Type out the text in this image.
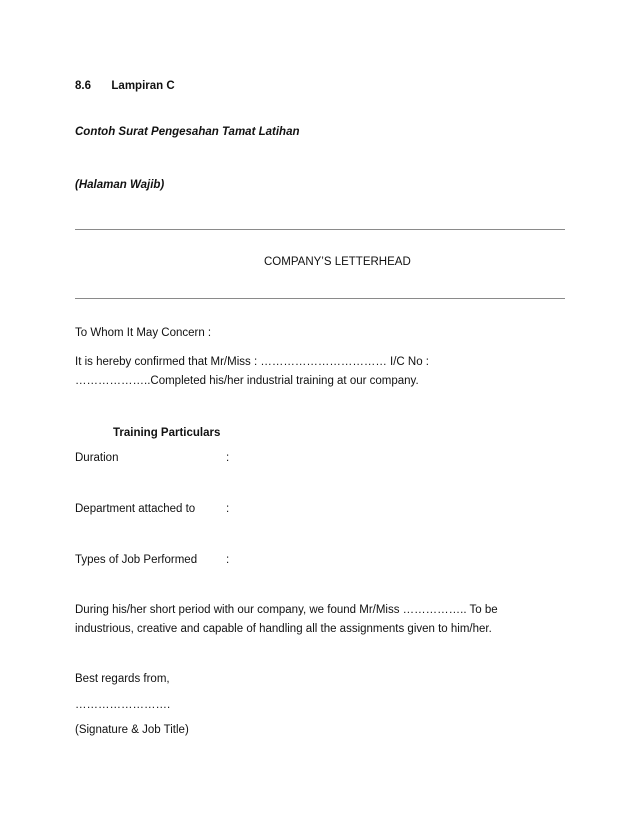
8.6 Lampiran C
Contoh Surat Pengesahan Tamat Latihan
(Halaman Wajib)
COMPANY’S LETTERHEAD
To Whom It May Concern :
It is hereby confirmed that Mr/Miss : …………………………… I/C No :
………………..Completed his/her industrial training at our company.
Training Particulars
Duration	:
Department attached to	:
Types of Job Performed	:
During his/her short period with our company, we found Mr/Miss …………….. To be
industrious, creative and capable of handling all the assignments given to him/her.
Best regards from,
…………………….
(Signature & Job Title)
